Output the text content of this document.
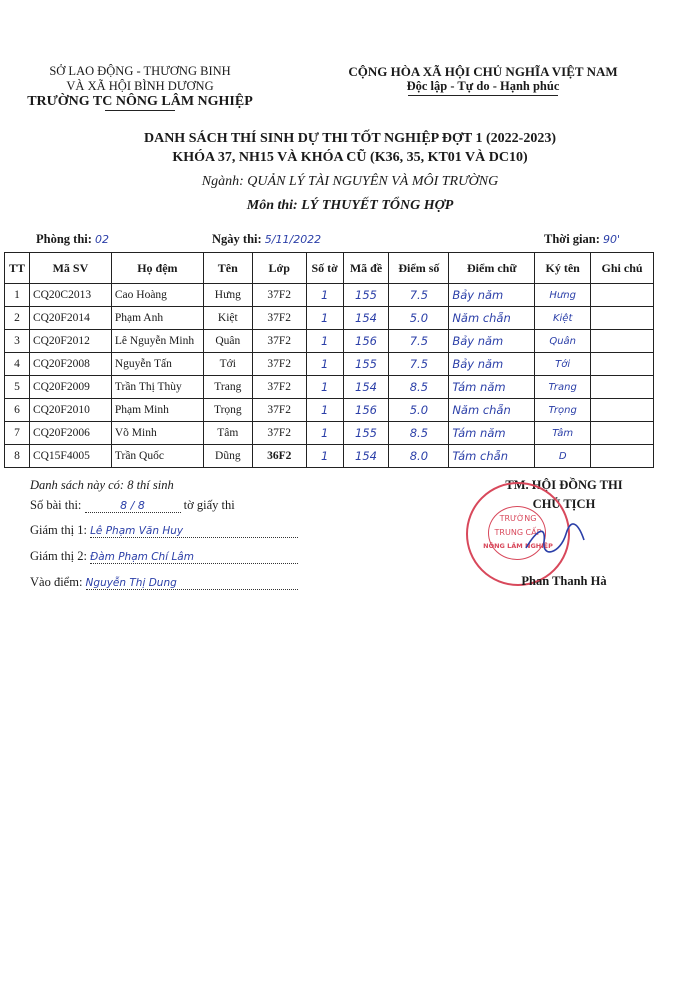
SỞ LAO ĐỘNG - THƯƠNG BINH
VÀ XÃ HỘI BÌNH DƯƠNG
TRƯỜNG TC NÔNG LÂM NGHIỆP
CỘNG HÒA XÃ HỘI CHỦ NGHĨA VIỆT NAM
Độc lập - Tự do - Hạnh phúc
DANH SÁCH THÍ SINH DỰ THI TỐT NGHIỆP ĐỢT 1 (2022-2023)
KHÓA 37, NH15 VÀ KHÓA CŨ (K36, 35, KT01 VÀ DC10)
Ngành: QUẢN LÝ TÀI NGUYÊN VÀ MÔI TRƯỜNG
Môn thi: LÝ THUYẾT TỔNG HỢP
Phòng thi: 02	Ngày thi: 5/11/2022	Thời gian: 90'
TT	Mã SV	Họ đệm	Tên	Lớp	Số tờ	Mã đề	Điểm số	Điểm chữ	Ký tên	Ghi chú
1	CQ20C2013	Cao Hoàng	Hưng	37F2	1	155	7.5	Bảy năm	Hưng	
2	CQ20F2014	Phạm Anh	Kiệt	37F2	1	154	5.0	Năm chẵn	Kiệt	
3	CQ20F2012	Lê Nguyễn Minh	Quân	37F2	1	156	7.5	Bảy năm	Quân	
4	CQ20F2008	Nguyễn Tấn	Tới	37F2	1	155	7.5	Bảy năm	Tới	
5	CQ20F2009	Trần Thị Thùy	Trang	37F2	1	154	8.5	Tám năm	Trang	
6	CQ20F2010	Phạm Minh	Trọng	37F2	1	156	5.0	Năm chẵn	Trọng	
7	CQ20F2006	Võ Minh	Tâm	37F2	1	155	8.5	Tám năm	Tâm	
8	CQ15F4005	Trần Quốc	Dũng	36F2	1	154	8.0	Tám chẵn	D	
Danh sách này có: 8 thí sinh
Số bài thi:	8 / 8	tờ giấy thi
Giám thị 1: Lê Phạm Văn Huy
Giám thị 2: Đàm Phạm Chí Lâm
Vào điểm: Nguyễn Thị Dung
TM. HỘI ĐỒNG THI
CHỦ TỊCH
TRƯỜNG
TRUNG CẤP
NÔNG LÂM NGHIỆP
Phan Thanh Hà
